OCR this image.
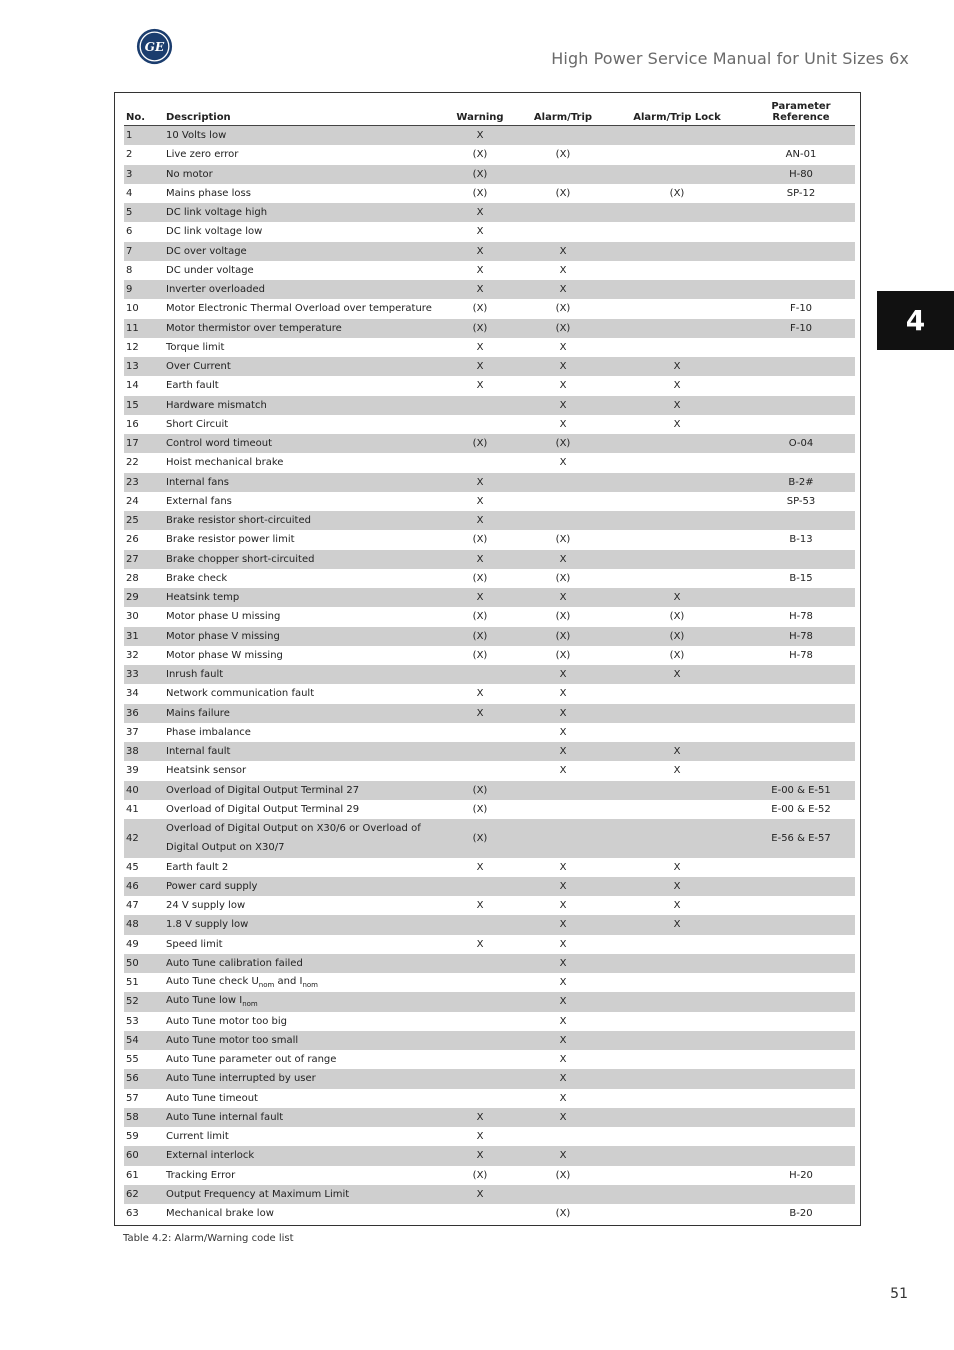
GE
High Power Service Manual for Unit Sizes 6x
4
No.	Description	Warning	Alarm/Trip	Alarm/Trip Lock	Parameter Reference
1	10 Volts low	X			
2	Live zero error	(X)	(X)		AN-01
3	No motor	(X)			H-80
4	Mains phase loss	(X)	(X)	(X)	SP-12
5	DC link voltage high	X			
6	DC link voltage low	X			
7	DC over voltage	X	X		
8	DC under voltage	X	X		
9	Inverter overloaded	X	X		
10	Motor Electronic Thermal Overload over temperature	(X)	(X)		F-10
11	Motor thermistor over temperature	(X)	(X)		F-10
12	Torque limit	X	X		
13	Over Current	X	X	X	
14	Earth fault	X	X	X	
15	Hardware mismatch		X	X	
16	Short Circuit		X	X	
17	Control word timeout	(X)	(X)		O-04
22	Hoist mechanical brake		X		
23	Internal fans	X			B-2#
24	External fans	X			SP-53
25	Brake resistor short-circuited	X			
26	Brake resistor power limit	(X)	(X)		B-13
27	Brake chopper short-circuited	X	X		
28	Brake check	(X)	(X)		B-15
29	Heatsink temp	X	X	X	
30	Motor phase U missing	(X)	(X)	(X)	H-78
31	Motor phase V missing	(X)	(X)	(X)	H-78
32	Motor phase W missing	(X)	(X)	(X)	H-78
33	Inrush fault		X	X	
34	Network communication fault	X	X		
36	Mains failure	X	X		
37	Phase imbalance		X		
38	Internal fault		X	X	
39	Heatsink sensor		X	X	
40	Overload of Digital Output Terminal 27	(X)			E-00 & E-51
41	Overload of Digital Output Terminal 29	(X)			E-00 & E-52
42	Overload of Digital Output on X30/6 or Overload of Digital Output on X30/7	(X)			E-56 & E-57
45	Earth fault 2	X	X	X	
46	Power card supply		X	X	
47	24 V supply low	X	X	X	
48	1.8 V supply low		X	X	
49	Speed limit	X	X		
50	Auto Tune calibration failed		X		
51	Auto Tune check $U_{nom}$ and $I_{nom}$		X		
52	Auto Tune low $I_{nom}$		X		
53	Auto Tune motor too big		X		
54	Auto Tune motor too small		X		
55	Auto Tune parameter out of range		X		
56	Auto Tune interrupted by user		X		
57	Auto Tune timeout		X		
58	Auto Tune internal fault	X	X		
59	Current limit	X			
60	External interlock	X	X		
61	Tracking Error	(X)	(X)		H-20
62	Output Frequency at Maximum Limit	X			
63	Mechanical brake low		(X)		B-20
Table 4.2: Alarm/Warning code list
51
